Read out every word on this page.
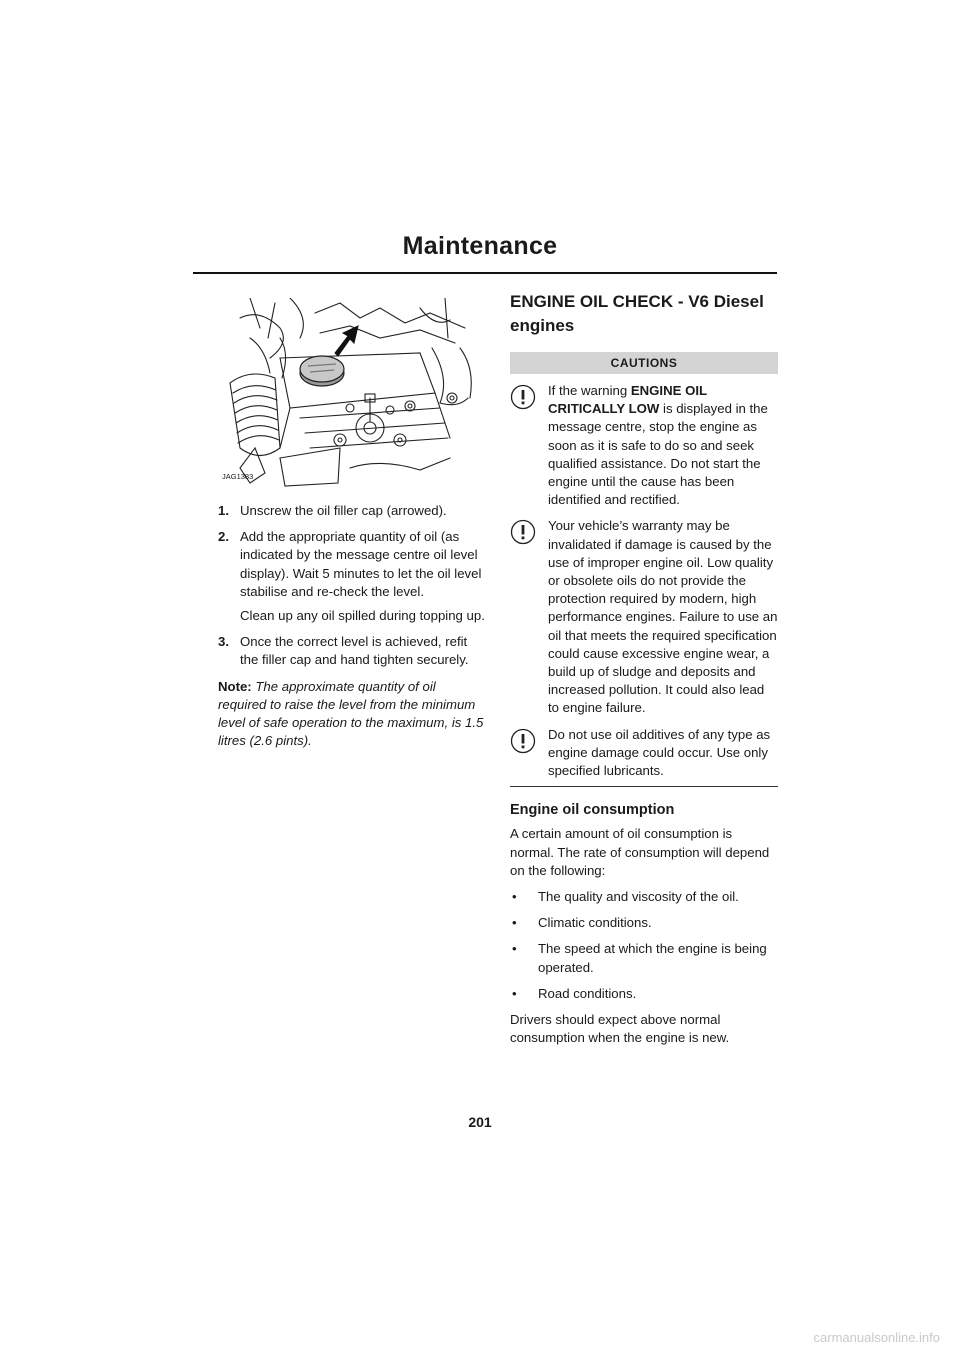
Maintenance
JAG1383
1. Unscrew the oil filler cap (arrowed).
2. Add the appropriate quantity of oil (as indicated by the message centre oil level display). Wait 5 minutes to let the oil level stabilise and re-check the level.
Clean up any oil spilled during topping up.
3. Once the correct level is achieved, refit the filler cap and hand tighten securely.
Note: The approximate quantity of oil required to raise the level from the minimum level of safe operation to the maximum, is 1.5 litres (2.6 pints).
ENGINE OIL CHECK - V6 Diesel engines
CAUTIONS

If the warning ENGINE OIL CRITICALLY LOW is displayed in the message centre, stop the engine as soon as it is safe to do so and seek qualified assistance. Do not start the engine until the cause has been identified and rectified.

Your vehicle’s warranty may be invalidated if damage is caused by the use of improper engine oil. Low quality or obsolete oils do not provide the protection required by modern, high performance engines. Failure to use an oil that meets the required specification could cause excessive engine wear, a build up of sludge and deposits and increased pollution. It could also lead to engine failure.

Do not use oil additives of any type as engine damage could occur. Use only specified lubricants.

Engine oil consumption

A certain amount of oil consumption is normal. The rate of consumption will depend on the following:

•	The quality and viscosity of the oil.
•	Climatic conditions.
•	The speed at which the engine is being operated.
•	Road conditions.

Drivers should expect above normal consumption when the engine is new.

201
carmanualsonline.info
